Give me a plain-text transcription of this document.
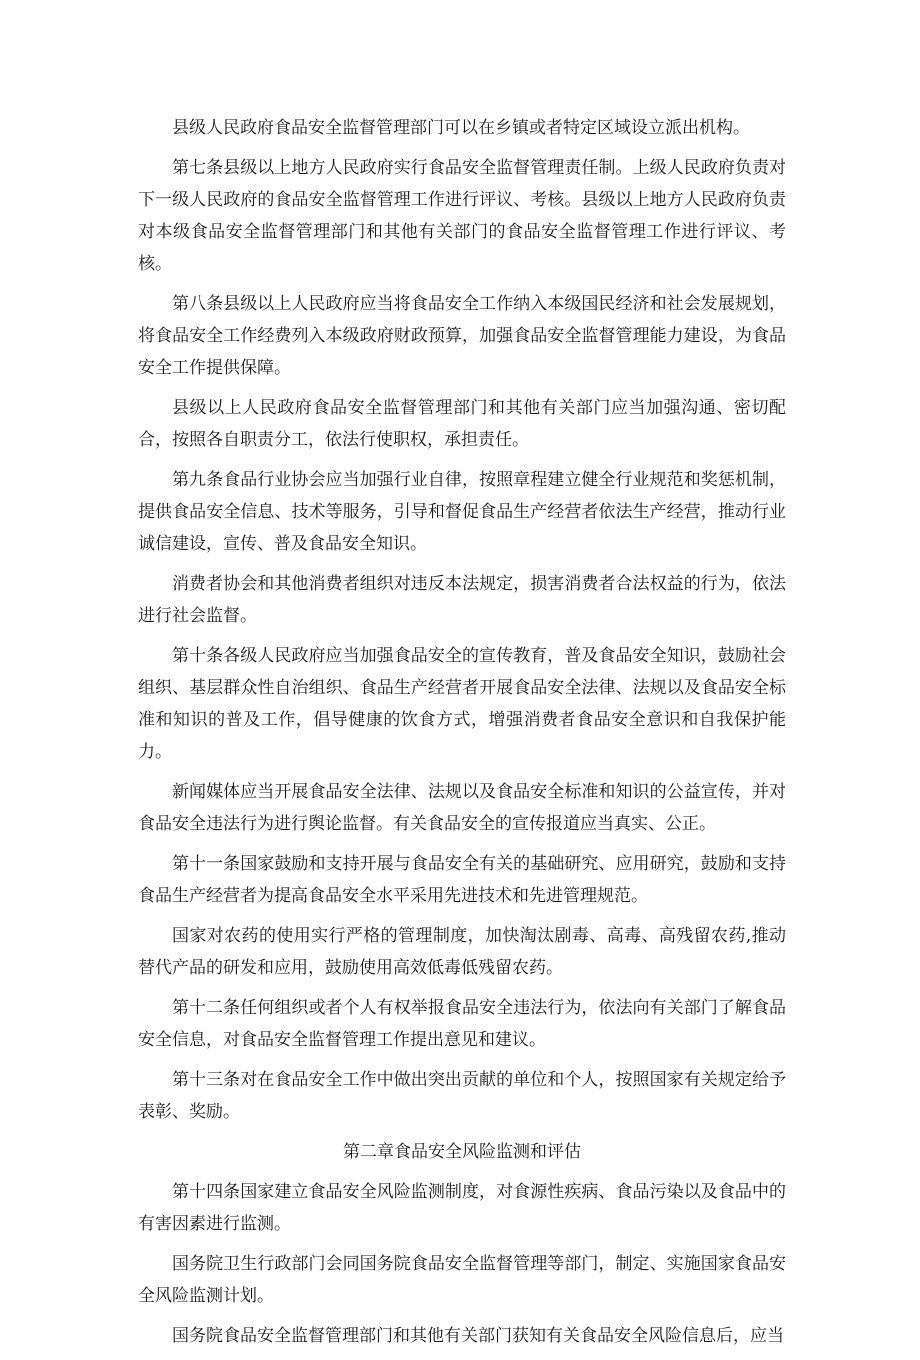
县级人民政府食品安全监督管理部门可以在乡镇或者特定区域设立派出机构。

第七条县级以上地方人民政府实行食品安全监督管理责任制。上级人民政府负责对下一级人民政府的食品安全监督管理工作进行评议、考核。县级以上地方人民政府负责对本级食品安全监督管理部门和其他有关部门的食品安全监督管理工作进行评议、考核。

第八条县级以上人民政府应当将食品安全工作纳入本级国民经济和社会发展规划，将食品安全工作经费列入本级政府财政预算，加强食品安全监督管理能力建设，为食品安全工作提供保障。

县级以上人民政府食品安全监督管理部门和其他有关部门应当加强沟通、密切配合，按照各自职责分工，依法行使职权，承担责任。

第九条食品行业协会应当加强行业自律，按照章程建立健全行业规范和奖惩机制，提供食品安全信息、技术等服务，引导和督促食品生产经营者依法生产经营，推动行业诚信建设，宣传、普及食品安全知识。

消费者协会和其他消费者组织对违反本法规定，损害消费者合法权益的行为，依法进行社会监督。

第十条各级人民政府应当加强食品安全的宣传教育，普及食品安全知识，鼓励社会组织、基层群众性自治组织、食品生产经营者开展食品安全法律、法规以及食品安全标准和知识的普及工作，倡导健康的饮食方式，增强消费者食品安全意识和自我保护能力。

新闻媒体应当开展食品安全法律、法规以及食品安全标准和知识的公益宣传，并对食品安全违法行为进行舆论监督。有关食品安全的宣传报道应当真实、公正。

第十一条国家鼓励和支持开展与食品安全有关的基础研究、应用研究，鼓励和支持食品生产经营者为提高食品安全水平采用先进技术和先进管理规范。

国家对农药的使用实行严格的管理制度，加快淘汰剧毒、高毒、高残留农药,推动替代产品的研发和应用，鼓励使用高效低毒低残留农药。

第十二条任何组织或者个人有权举报食品安全违法行为，依法向有关部门了解食品安全信息，对食品安全监督管理工作提出意见和建议。

第十三条对在食品安全工作中做出突出贡献的单位和个人，按照国家有关规定给予表彰、奖励。

第二章食品安全风险监测和评估

第十四条国家建立食品安全风险监测制度，对食源性疾病、食品污染以及食品中的有害因素进行监测。

国务院卫生行政部门会同国务院食品安全监督管理等部门，制定、实施国家食品安全风险监测计划。

国务院食品安全监督管理部门和其他有关部门获知有关食品安全风险信息后，应当
